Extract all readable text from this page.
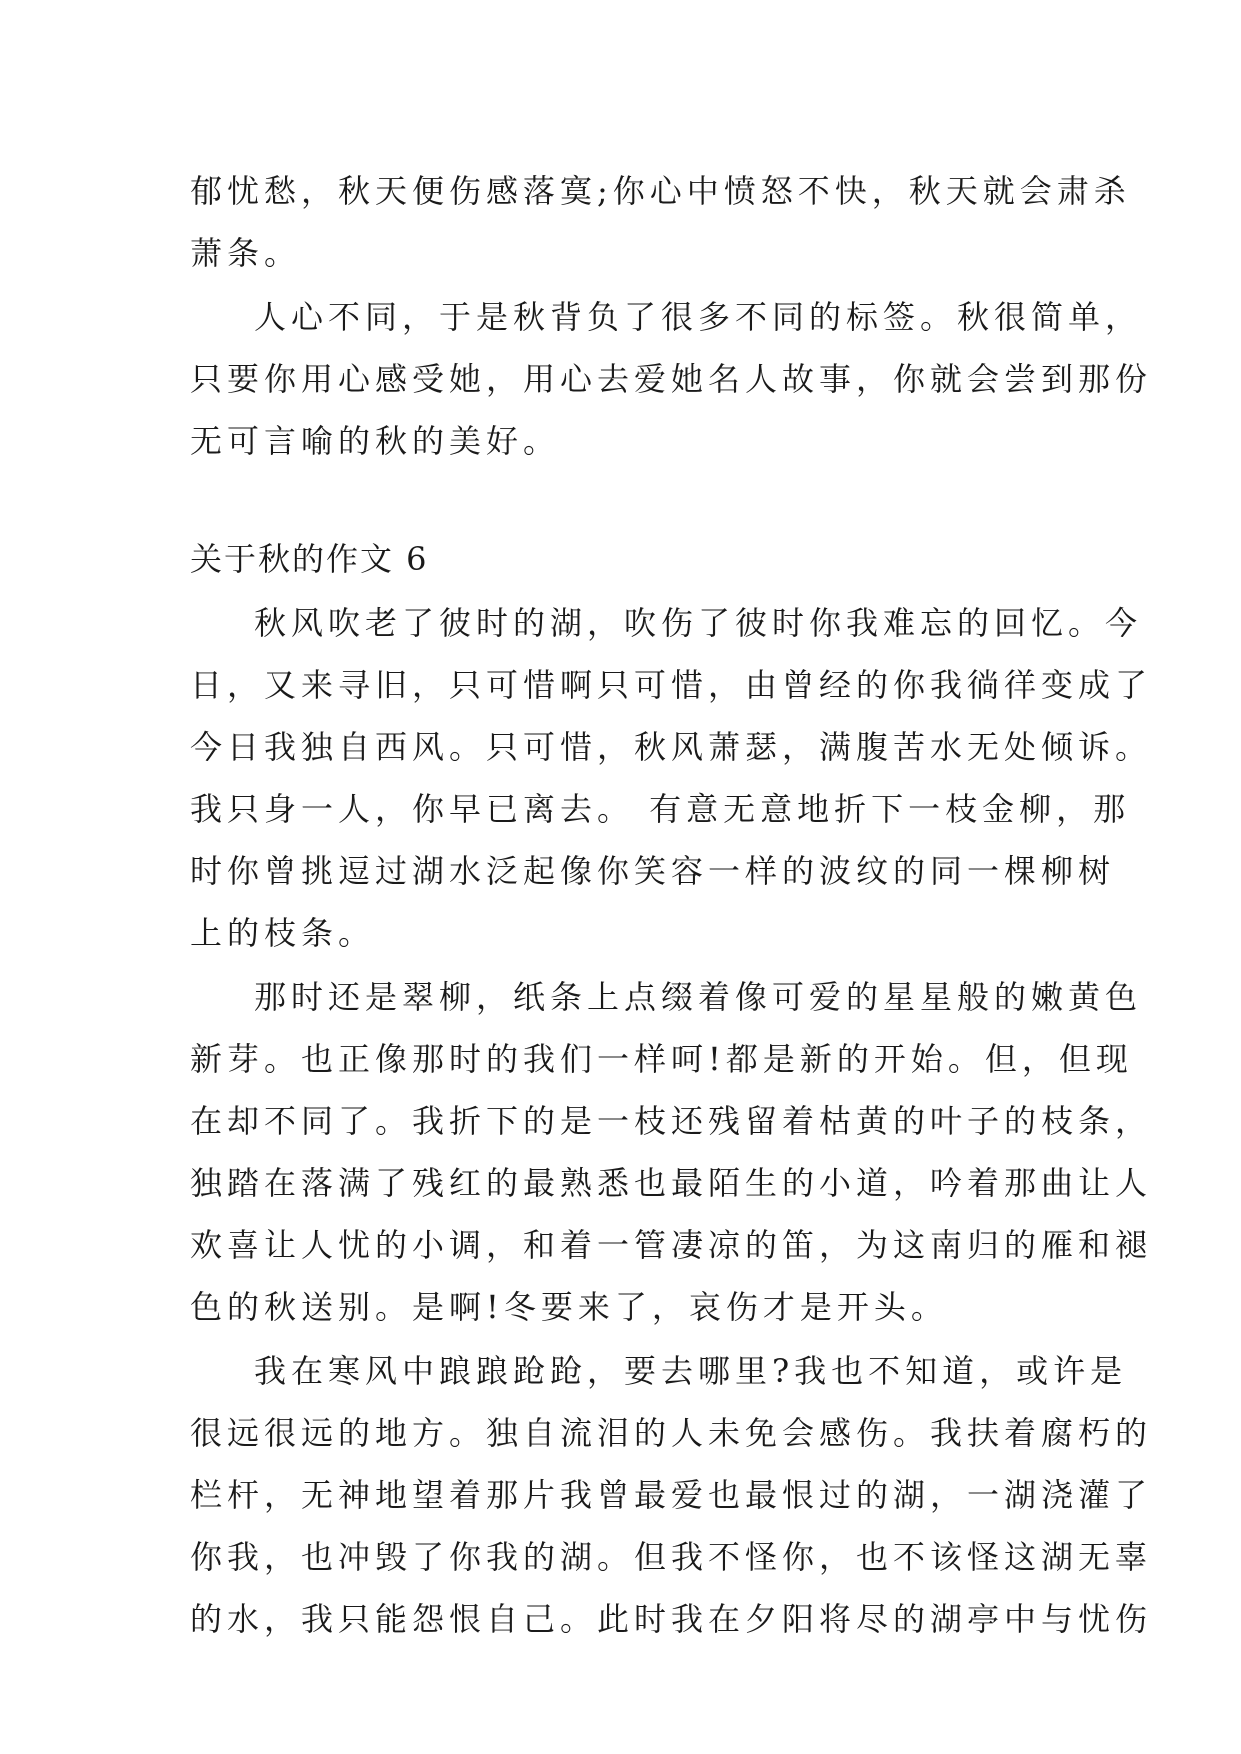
郁忧愁，秋天便伤感落寞;你心中愤怒不快，秋天就会肃杀
萧条。
人心不同，于是秋背负了很多不同的标签。秋很简单，
只要你用心感受她，用心去爱她名人故事，你就会尝到那份
无可言喻的秋的美好。
关于秋的作文 6
秋风吹老了彼时的湖，吹伤了彼时你我难忘的回忆。今
日，又来寻旧，只可惜啊只可惜，由曾经的你我徜徉变成了
今日我独自西风。只可惜，秋风萧瑟，满腹苦水无处倾诉。
我只身一人，你早已离去。 有意无意地折下一枝金柳，那
时你曾挑逗过湖水泛起像你笑容一样的波纹的同一棵柳树
上的枝条。
那时还是翠柳，纸条上点缀着像可爱的星星般的嫩黄色
新芽。也正像那时的我们一样呵!都是新的开始。但，但现
在却不同了。我折下的是一枝还残留着枯黄的叶子的枝条，
独踏在落满了残红的最熟悉也最陌生的小道，吟着那曲让人
欢喜让人忧的小调，和着一管凄凉的笛，为这南归的雁和褪
色的秋送别。是啊!冬要来了，哀伤才是开头。
我在寒风中踉踉跄跄，要去哪里?我也不知道，或许是
很远很远的地方。独自流泪的人未免会感伤。我扶着腐朽的
栏杆，无神地望着那片我曾最爱也最恨过的湖，一湖浇灌了
你我，也冲毁了你我的湖。但我不怪你，也不该怪这湖无辜
的水，我只能怨恨自己。此时我在夕阳将尽的湖亭中与忧伤
